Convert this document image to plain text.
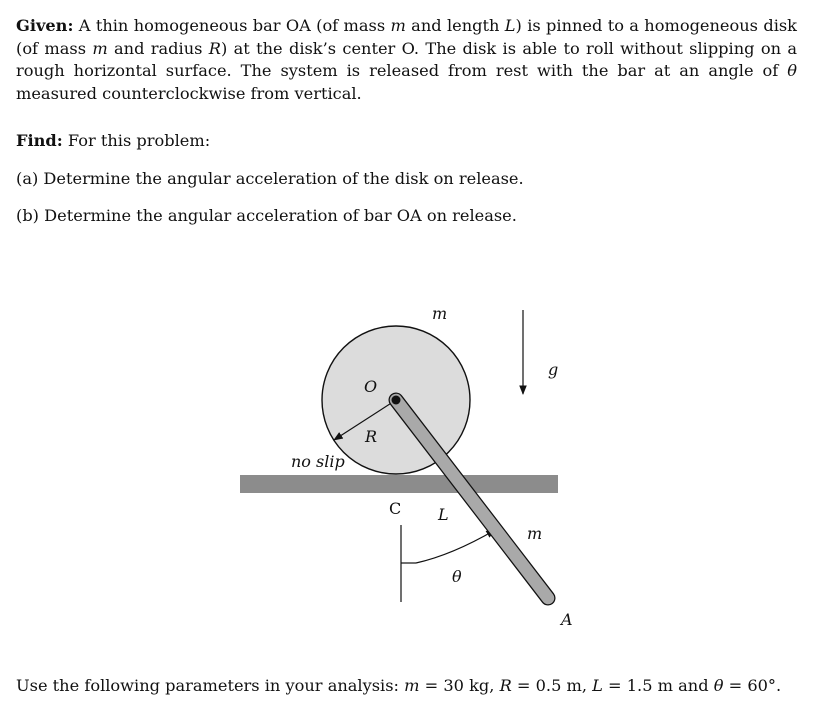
Given: A thin homogeneous bar OA (of mass m and length L) is pinned to a homogeneous disk (of mass m and radius R) at the disk’s center O. The disk is able to roll without slipping on a rough horizontal surface. The system is released from rest with the bar at an angle of θ measured counterclockwise from vertical.

Find: For this problem:

(a) Determine the angular acceleration of the disk on release.

(b) Determine the angular acceleration of bar OA on release.

m
O
R
g
no slip
C L
m
θ
A

Use the following parameters in your analysis: m = 30 kg, R = 0.5 m, L = 1.5 m and θ = 60°.
